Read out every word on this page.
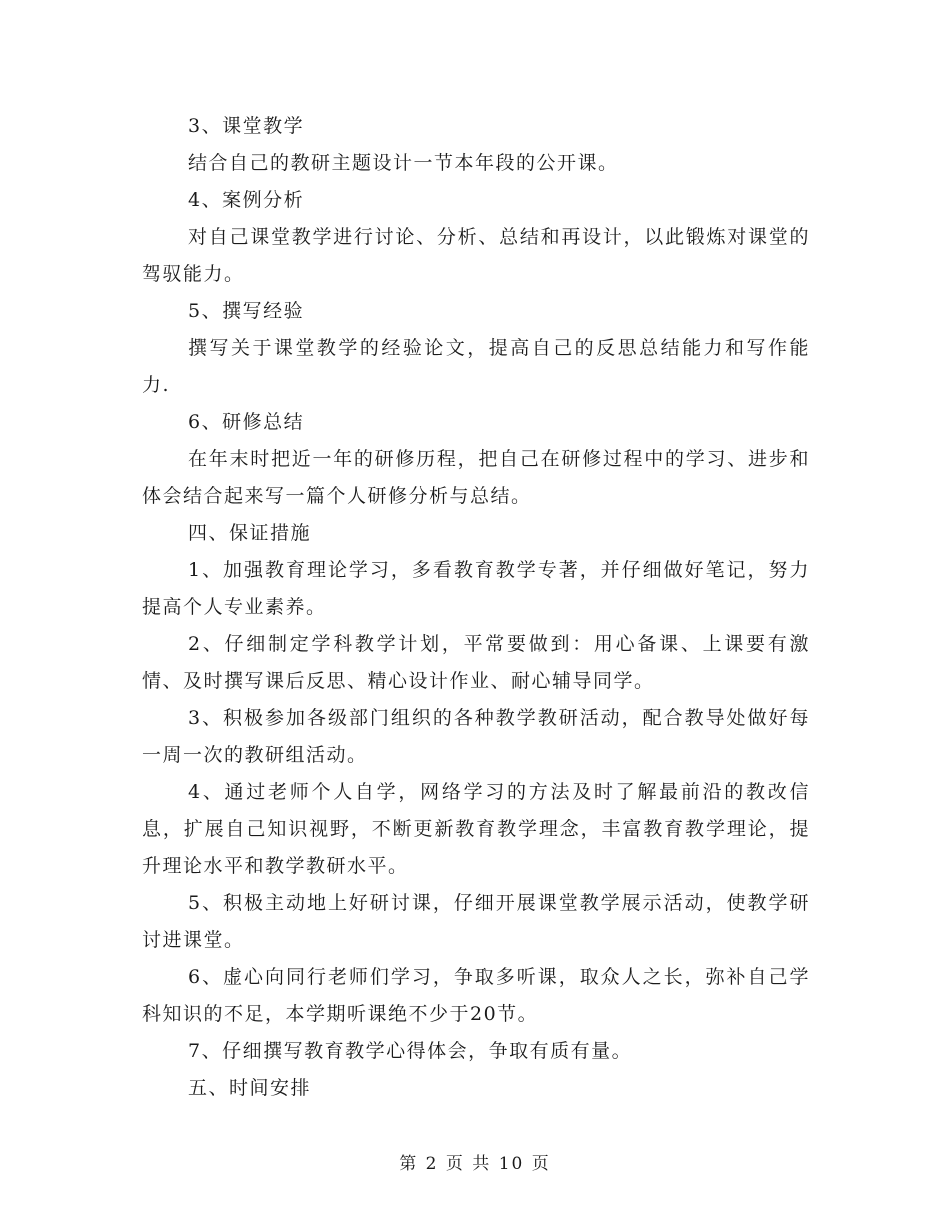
3、课堂教学

结合自己的教研主题设计一节本年段的公开课。

4、案例分析

对自己课堂教学进行讨论、分析、总结和再设计，以此锻炼对课堂的驾驭能力。

5、撰写经验

撰写关于课堂教学的经验论文，提高自己的反思总结能力和写作能力.

6、研修总结

在年末时把近一年的研修历程，把自己在研修过程中的学习、进步和体会结合起来写一篇个人研修分析与总结。

四、保证措施

1、加强教育理论学习，多看教育教学专著，并仔细做好笔记，努力提高个人专业素养。

2、仔细制定学科教学计划，平常要做到：用心备课、上课要有激情、及时撰写课后反思、精心设计作业、耐心辅导同学。

3、积极参加各级部门组织的各种教学教研活动，配合教导处做好每一周一次的教研组活动。

4、通过老师个人自学，网络学习的方法及时了解最前沿的教改信息，扩展自己知识视野，不断更新教育教学理念，丰富教育教学理论，提升理论水平和教学教研水平。

5、积极主动地上好研讨课，仔细开展课堂教学展示活动，使教学研讨进课堂。

6、虚心向同行老师们学习，争取多听课，取众人之长，弥补自己学科知识的不足，本学期听课绝不少于20节。

7、仔细撰写教育教学心得体会，争取有质有量。

五、时间安排

第 2 页 共 10 页
